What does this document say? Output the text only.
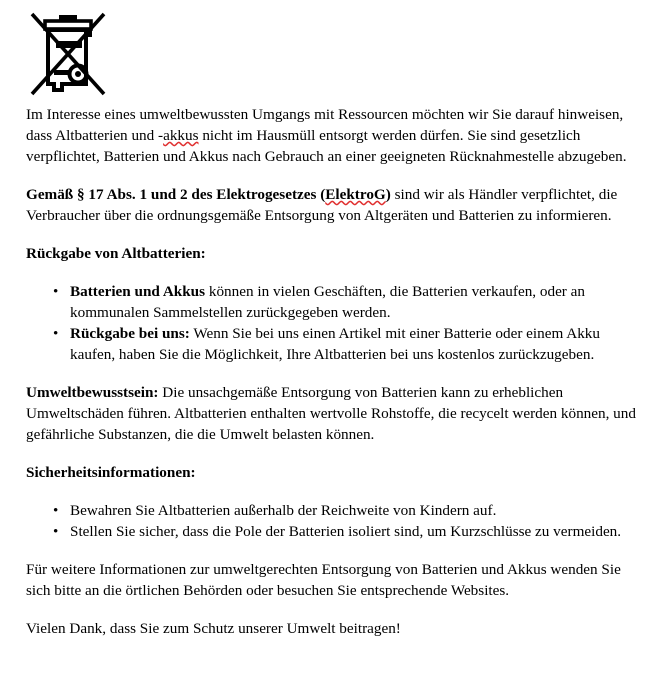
Im Interesse eines umweltbewussten Umgangs mit Ressourcen möchten wir Sie darauf hinweisen, dass Altbatterien und -akkus nicht im Hausmüll entsorgt werden dürfen. Sie sind gesetzlich verpflichtet, Batterien und Akkus nach Gebrauch an einer geeigneten Rücknahmestelle abzugeben.

Gemäß § 17 Abs. 1 und 2 des Elektrogesetzes (ElektroG) sind wir als Händler verpflichtet, die Verbraucher über die ordnungsgemäße Entsorgung von Altgeräten und Batterien zu informieren.

Rückgabe von Altbatterien:

• Batterien und Akkus können in vielen Geschäften, die Batterien verkaufen, oder an kommunalen Sammelstellen zurückgegeben werden.
• Rückgabe bei uns: Wenn Sie bei uns einen Artikel mit einer Batterie oder einem Akku kaufen, haben Sie die Möglichkeit, Ihre Altbatterien bei uns kostenlos zurückzugeben.

Umweltbewusstsein: Die unsachgemäße Entsorgung von Batterien kann zu erheblichen Umweltschäden führen. Altbatterien enthalten wertvolle Rohstoffe, die recycelt werden können, und gefährliche Substanzen, die die Umwelt belasten können.

Sicherheitsinformationen:

• Bewahren Sie Altbatterien außerhalb der Reichweite von Kindern auf.
• Stellen Sie sicher, dass die Pole der Batterien isoliert sind, um Kurzschlüsse zu vermeiden.

Für weitere Informationen zur umweltgerechten Entsorgung von Batterien und Akkus wenden Sie sich bitte an die örtlichen Behörden oder besuchen Sie entsprechende Websites.

Vielen Dank, dass Sie zum Schutz unserer Umwelt beitragen!
